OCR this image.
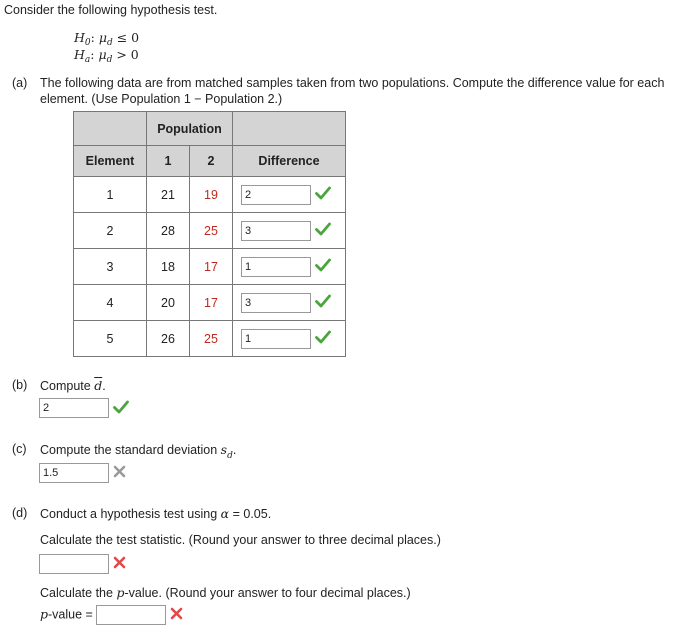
Consider the following hypothesis test.
$H_0$: $\mu_d \le 0$
$H_a$: $\mu_d > 0$
(a) The following data are from matched samples taken from two populations. Compute the difference value for each
element. (Use Population 1 − Population 2.)
	Population		
Element	1	2	Difference
1	21	19	2
2	28	25	3
3	18	17	1
4	20	17	3
5	26	25	1
(b) Compute $\overline{d}$.
2
(c) Compute the standard deviation $s_d$.
1.5
(d) Conduct a hypothesis test using α = 0.05.
Calculate the test statistic. (Round your answer to three decimal places.)
Calculate the p-value. (Round your answer to four decimal places.)
p-value =
